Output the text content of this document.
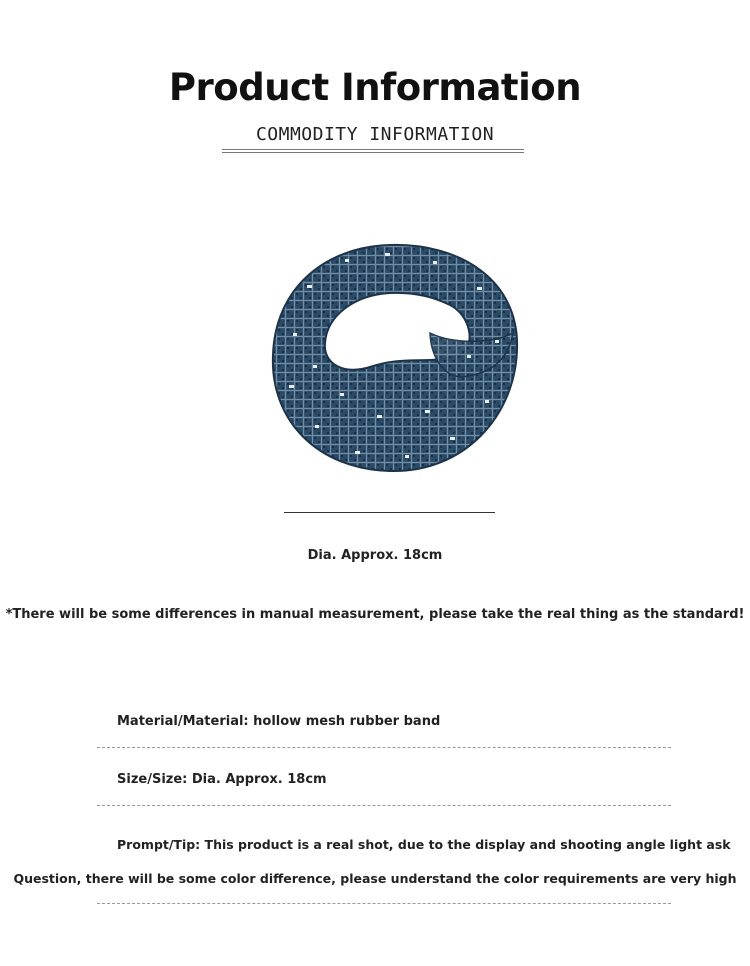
Product Information
COMMODITY INFORMATION
Dia. Approx. 18cm
*There will be some differences in manual measurement, please take the real thing as the standard!
Material/Material: hollow mesh rubber band
Size/Size: Dia. Approx. 18cm
Prompt/Tip: This product is a real shot, due to the display and shooting angle light ask
Question, there will be some color difference, please understand the color requirements are very high
